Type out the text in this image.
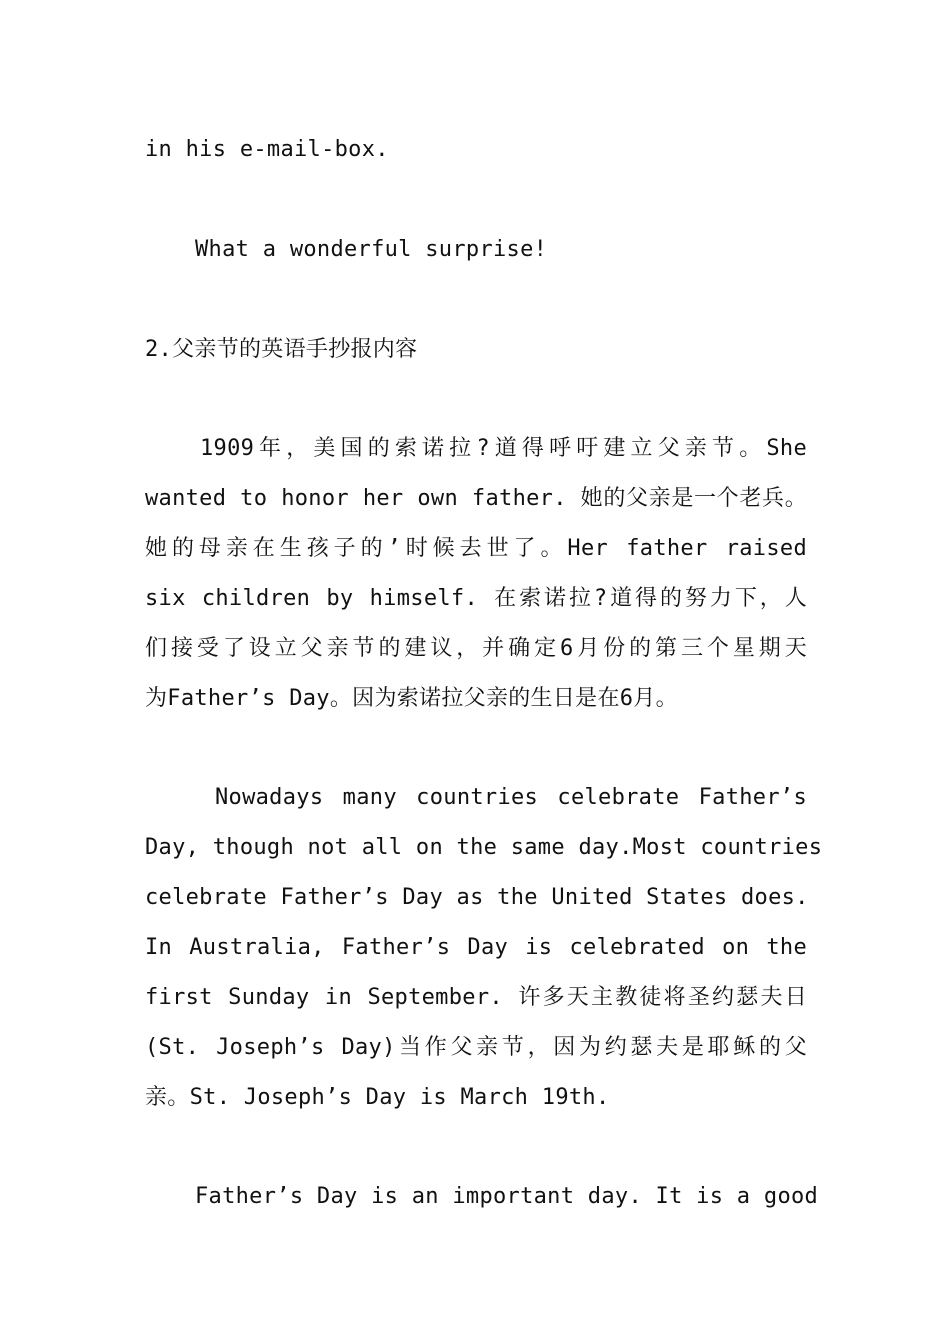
in his e-mail-box.
What a wonderful surprise!
2.父亲节的英语手抄报内容
1909年，美国的索诺拉?道得呼吁建立父亲节。She
wanted to honor her own father. 她的父亲是一个老兵。
她的母亲在生孩子的’时候去世了。Her father raised
six children by himself. 在索诺拉?道得的努力下，人
们接受了设立父亲节的建议，并确定6月份的第三个星期天
为Father’s Day。因为索诺拉父亲的生日是在6月。
Nowadays many countries celebrate Father’s
Day, though not all on the same day.Most countries
celebrate Father’s Day as the United States does.
In Australia, Father’s Day is celebrated on the
first Sunday in September. 许多天主教徒将圣约瑟夫日
(St. Joseph’s Day)当作父亲节，因为约瑟夫是耶稣的父
亲。St. Joseph’s Day is March 19th.
Father’s Day is an important day. It is a good
